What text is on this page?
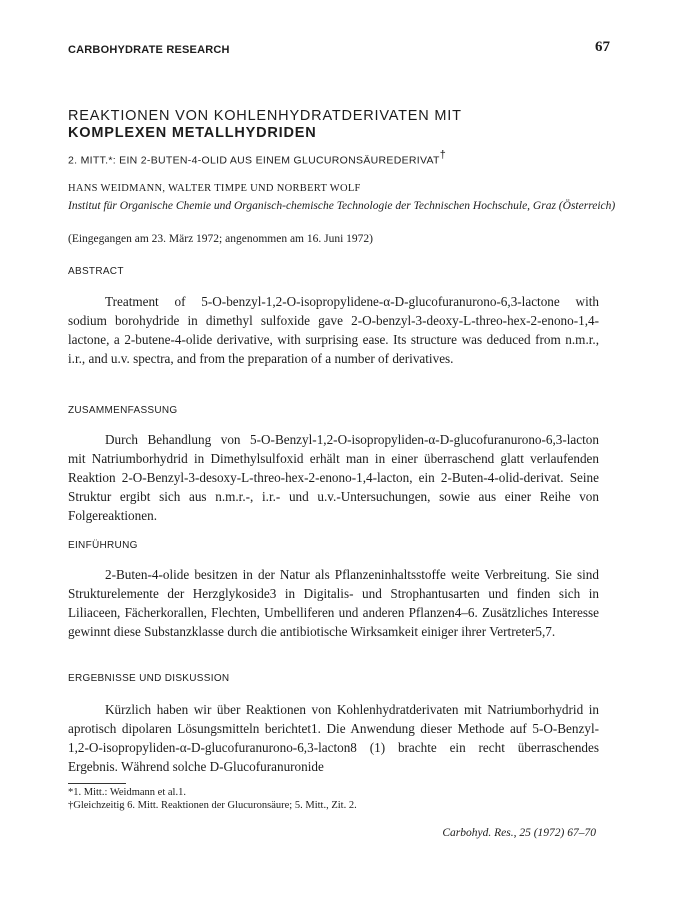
CARBOHYDRATE RESEARCH	67
REAKTIONEN VON KOHLENHYDRATDERIVATEN MIT
KOMPLEXEN METALLHYDRIDEN
2. MITT.*: EIN 2-BUTEN-4-OLID AUS EINEM GLUCURONSÄUREDERIVAT†
HANS WEIDMANN, WALTER TIMPE UND NORBERT WOLF
Institut für Organische Chemie und Organisch-chemische Technologie der Technischen Hochschule, Graz (Österreich)
(Eingegangen am 23. März 1972; angenommen am 16. Juni 1972)
ABSTRACT

Treatment of 5-O-benzyl-1,2-O-isopropylidene-α-D-glucofuranurono-6,3-lactone with sodium borohydride in dimethyl sulfoxide gave 2-O-benzyl-3-deoxy-L-threo-hex-2-enono-1,4-lactone, a 2-butene-4-olide derivative, with surprising ease. Its structure was deduced from n.m.r., i.r., and u.v. spectra, and from the preparation of a number of derivatives.

ZUSAMMENFASSUNG

Durch Behandlung von 5-O-Benzyl-1,2-O-isopropyliden-α-D-glucofuranurono-6,3-lacton mit Natriumborhydrid in Dimethylsulfoxid erhält man in einer überraschend glatt verlaufenden Reaktion 2-O-Benzyl-3-desoxy-L-threo-hex-2-enono-1,4-lacton, ein 2-Buten-4-olid-derivat. Seine Struktur ergibt sich aus n.m.r.-, i.r.- und u.v.-Untersuchungen, sowie aus einer Reihe von Folgereaktionen.

EINFÜHRUNG

2-Buten-4-olide besitzen in der Natur als Pflanzeninhaltsstoffe weite Verbreitung. Sie sind Strukturelemente der Herzglykoside3 in Digitalis- und Strophantusarten und finden sich in Liliaceen, Fächerkorallen, Flechten, Umbelliferen und anderen Pflanzen4–6. Zusätzliches Interesse gewinnt diese Substanzklasse durch die antibiotische Wirksamkeit einiger ihrer Vertreter5,7.

ERGEBNISSE UND DISKUSSION

Kürzlich haben wir über Reaktionen von Kohlenhydratderivaten mit Natriumborhydrid in aprotisch dipolaren Lösungsmitteln berichtet1. Die Anwendung dieser Methode auf 5-O-Benzyl-1,2-O-isopropyliden-α-D-glucofuranurono-6,3-lacton8 (1) brachte ein recht überraschendes Ergebnis. Während solche D-Glucofuranuronide

*1. Mitt.: Weidmann et al.1.
†Gleichzeitig 6. Mitt. Reaktionen der Glucuronsäure; 5. Mitt., Zit. 2.
Carbohyd. Res., 25 (1972) 67–70
